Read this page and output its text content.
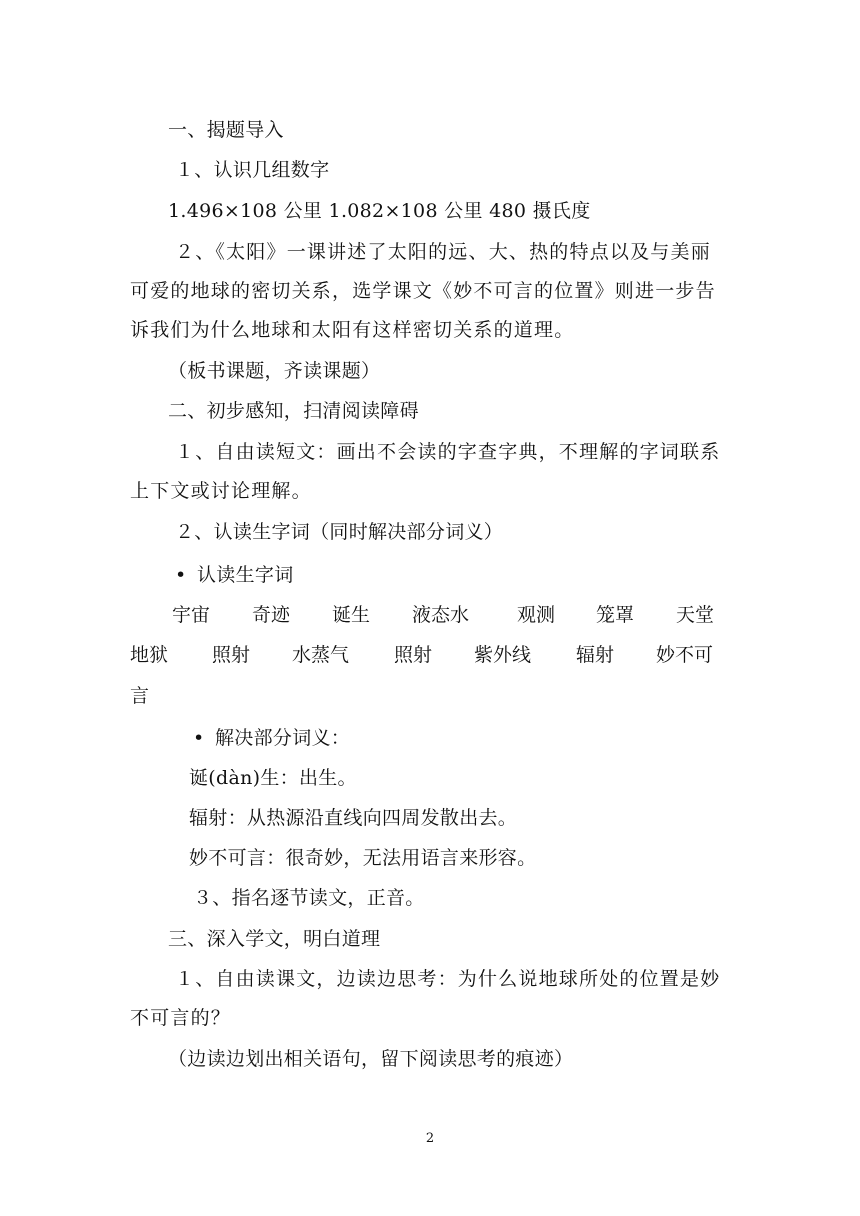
一、揭题导入
１、认识几组数字
1.496×108 公里 1.082×108 公里 480 摄氏度
２、《太阳》一课讲述了太阳的远、大、热的特点以及与美丽可爱的地球的密切关系，选学课文《妙不可言的位置》则进一步告诉我们为什么地球和太阳有这样密切关系的道理。
（板书课题，齐读课题）
二、初步感知，扫清阅读障碍
１、自由读短文：画出不会读的字查字典，不理解的字词联系上下文或讨论理解。
２、认读生字词（同时解决部分词义）
• 认读生字词
宇宙 奇迹 诞生 液态水	观测 笼罩 天堂
地狱 照射 水蒸气 照射 紫外线 辐射 妙不可
言
• 解决部分词义：
诞(dàn)生：出生。
辐射：从热源沿直线向四周发散出去。
妙不可言：很奇妙，无法用语言来形容。
３、指名逐节读文，正音。
三、深入学文，明白道理
１、自由读课文，边读边思考：为什么说地球所处的位置是妙不可言的？
（边读边划出相关语句，留下阅读思考的痕迹）
2
